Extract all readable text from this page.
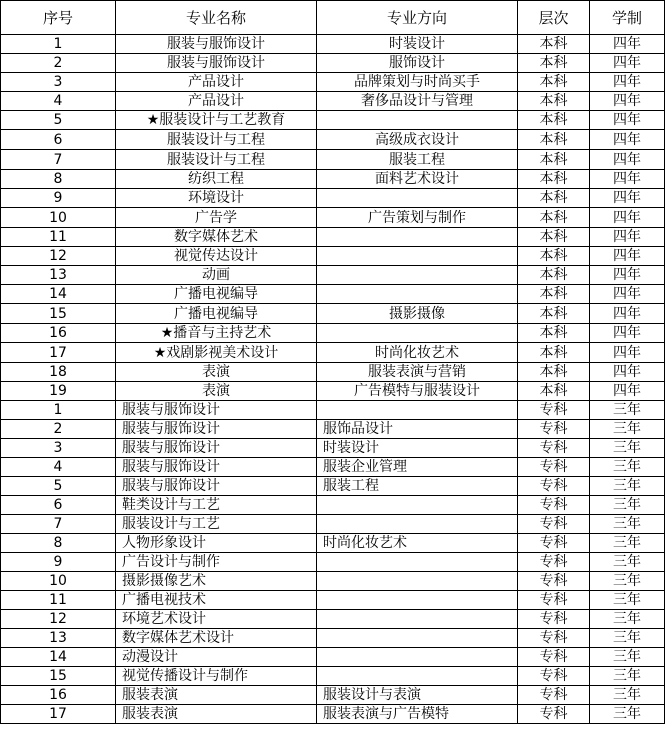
序号	专业名称	专业方向	层次	学制
1	服装与服饰设计	时装设计	本科	四年
2	服装与服饰设计	服饰设计	本科	四年
3	产品设计	品牌策划与时尚买手	本科	四年
4	产品设计	奢侈品设计与管理	本科	四年
5	★ 服装设计与工艺教育		本科	四年
6	服装设计与工程	高级成衣设计	本科	四年
7	服装设计与工程	服装工程	本科	四年
8	纺织工程	面料艺术设计	本科	四年
9	环境设计		本科	四年
10	广告学	广告策划与制作	本科	四年
11	数字媒体艺术		本科	四年
12	视觉传达设计		本科	四年
13	动画		本科	四年
14	广播电视编导		本科	四年
15	广播电视编导	摄影摄像	本科	四年
16	★ 播音与主持艺术		本科	四年
17	★ 戏剧影视美术设计	时尚化妆艺术	本科	四年
18	表演	服装表演与营销	本科	四年
19	表演	广告模特与服装设计	本科	四年
1	服装与服饰设计		专科	三年
2	服装与服饰设计	服饰品设计	专科	三年
3	服装与服饰设计	时装设计	专科	三年
4	服装与服饰设计	服装企业管理	专科	三年
5	服装与服饰设计	服装工程	专科	三年
6	鞋类设计与工艺		专科	三年
7	服装设计与工艺		专科	三年
8	人物形象设计	时尚化妆艺术	专科	三年
9	广告设计与制作		专科	三年
10	摄影摄像艺术		专科	三年
11	广播电视技术		专科	三年
12	环境艺术设计		专科	三年
13	数字媒体艺术设计		专科	三年
14	动漫设计		专科	三年
15	视觉传播设计与制作		专科	三年
16	服装表演	服装设计与表演	专科	三年
17	服装表演	服装表演与广告模特	专科	三年
